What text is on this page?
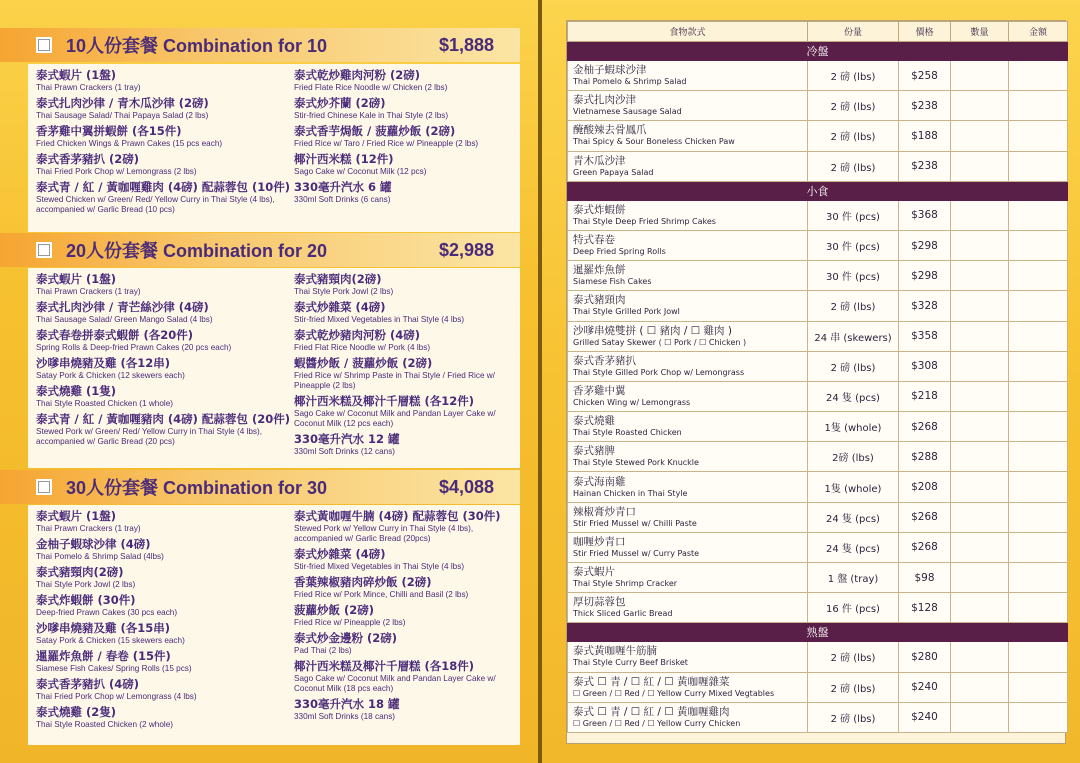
10人份套餐 Combination for 10	$1,888
泰式蝦片 (1盤)
Thai Prawn Crackers (1 tray)
泰式扎肉沙律 / 青木瓜沙律 (2磅)
Thai Sausage Salad/ Thai Papaya Salad (2 lbs)
香茅雞中翼拼蝦餅 (各15件)
Fried Chicken Wings & Prawn Cakes (15 pcs each)
泰式香茅豬扒 (2磅)
Thai Fried Pork Chop w/ Lemongrass (2 lbs)
泰式青 / 紅 / 黃咖喱雞肉 (4磅) 配蒜蓉包 (10件)
Stewed Chicken w/ Green/ Red/ Yellow Curry in Thai Style (4 lbs), accompanied w/ Garlic Bread (10 pcs)
泰式乾炒雞肉河粉 (2磅)
Fried Flate Rice Noodle w/ Chicken (2 lbs)
泰式炒芥蘭 (2磅)
Stir-fried Chinese Kale in Thai Style (2 lbs)
泰式香芋焗飯 / 菠蘿炒飯 (2磅)
Fried Rice w/ Taro / Fried Rice w/ Pineapple (2 lbs)
椰汁西米糕 (12件)
Sago Cake w/ Coconut Milk (12 pcs)
330毫升汽水 6 罐
330ml Soft Drinks (6 cans)
20人份套餐 Combination for 20	$2,988
泰式蝦片 (1盤)
Thai Prawn Crackers (1 tray)
泰式扎肉沙律 / 青芒絲沙律 (4磅)
Thai Sausage Salad/ Green Mango Salad (4 lbs)
泰式春卷拼泰式蝦餅 (各20件)
Spring Rolls & Deep-fried Prawn Cakes (20 pcs each)
沙嗲串燒豬及雞 (各12串)
Satay Pork & Chicken (12 skewers each)
泰式燒雞 (1隻)
Thai Style Roasted Chicken (1 whole)
泰式青 / 紅 / 黃咖喱豬肉 (4磅) 配蒜蓉包 (20件)
Stewed Pork w/ Green/ Red/ Yellow Curry in Thai Style (4 lbs), accompanied w/ Garlic Bread (20 pcs)
泰式豬頸肉(2磅)
Thai Style Pork Jowl (2 lbs)
泰式炒雜菜 (4磅)
Stir-fried Mixed Vegetables in Thai Style (4 lbs)
泰式乾炒豬肉河粉 (4磅)
Fried Flat Rice Noodle w/ Pork (4 lbs)
蝦醬炒飯 / 菠蘿炒飯 (2磅)
Fried Rice w/ Shrimp Paste in Thai Style / Fried Rice w/ Pineapple (2 lbs)
椰汁西米糕及椰汁千層糕 (各12件)
Sago Cake w/ Coconut Milk and Pandan Layer Cake w/ Coconut Milk (12 pcs each)
330毫升汽水 12 罐
330ml Soft Drinks (12 cans)
30人份套餐 Combination for 30	$4,088
泰式蝦片 (1盤)
Thai Prawn Crackers (1 tray)
金柚子蝦球沙律 (4磅)
Thai Pomelo & Shrimp Salad (4lbs)
泰式豬頸肉(2磅)
Thai Style Pork Jowl (2 lbs)
泰式炸蝦餅 (30件)
Deep-fried Prawn Cakes (30 pcs each)
沙嗲串燒豬及雞 (各15串)
Satay Pork & Chicken (15 skewers each)
暹羅炸魚餅 / 春卷 (15件)
Siamese Fish Cakes/ Spring Rolls (15 pcs)
泰式香茅豬扒 (4磅)
Thai Fried Pork Chop w/ Lemongrass (4 lbs)
泰式燒雞 (2隻)
Thai Style Roasted Chicken (2 whole)
泰式黃咖喱牛腩 (4磅) 配蒜蓉包 (30件)
Stewed Pork w/ Yellow Curry in Thai Style (4 lbs), accompanied w/ Garlic Bread (20pcs)
泰式炒雜菜 (4磅)
Stir-fried Mixed Vegetables in Thai Style (4 lbs)
香葉辣椒豬肉碎炒飯 (2磅)
Fried Rice w/ Pork Mince, Chilli and Basil (2 lbs)
菠蘿炒飯 (2磅)
Fried Rice w/ Pineapple (2 lbs)
泰式炒金邊粉 (2磅)
Pad Thai (2 lbs)
椰汁西米糕及椰汁千層糕 (各18件)
Sago Cake w/ Coconut Milk and Pandan Layer Cake w/ Coconut Milk (18 pcs each)
330毫升汽水 18 罐
330ml Soft Drinks (18 cans)
食物款式	份量	價格	數量	金額
冷盤				

金柚子蝦球沙津
Thai Pomelo & Shrimp Salad	2 磅 (lbs)	$258		

泰式扎肉沙津
Vietnamese Sausage Salad	2 磅 (lbs)	$238		

醃酸辣去骨鳳爪
Thai Spicy & Sour Boneless Chicken Paw	2 磅 (lbs)	$188		

青木瓜沙津
Green Papaya Salad	2 磅 (lbs)	$238		
小食				

泰式炸蝦餅
Thai Style Deep Fried Shrimp Cakes	30 件 (pcs)	$368		

特式春卷
Deep Fried Spring Rolls	30 件 (pcs)	$298		

暹羅炸魚餅
Siamese Fish Cakes	30 件 (pcs)	$298		

泰式豬頸肉
Thai Style Grilled Pork Jowl	2 磅 (lbs)	$328		

沙嗲串燒雙拼 ( ☐ 豬肉 / ☐ 雞肉 )
Grilled Satay Skewer ( ☐ Pork / ☐ Chicken )	24 串 (skewers)	$358		

泰式香茅豬扒
Thai Style Gilled Pork Chop w/ Lemongrass	2 磅 (lbs)	$308		

香茅雞中翼
Chicken Wing w/ Lemongrass	24 隻 (pcs)	$218		

泰式燒雞
Thai Style Roasted Chicken	1隻 (whole)	$268		

泰式豬脾
Thai Style Stewed Pork Knuckle	2磅 (lbs)	$288		

泰式海南雞
Hainan Chicken in Thai Style	1隻 (whole)	$208		

辣椒膏炒青口
Stir Fried Mussel w/ Chilli Paste	24 隻 (pcs)	$268		

咖喱炒青口
Stir Fried Mussel w/ Curry Paste	24 隻 (pcs)	$268		

泰式蝦片
Thai Style Shrimp Cracker	1 盤 (tray)	$98		

厚切蒜蓉包
Thick Sliced Garlic Bread	16 件 (pcs)	$128		
熟盤				

泰式黃咖喱牛筋腩
Thai Style Curry Beef Brisket	2 磅 (lbs)	$280		

泰式 ☐ 青 / ☐ 紅 / ☐ 黃咖喱雜菜
☐ Green / ☐ Red / ☐ Yellow Curry Mixed Vegtables	2 磅 (lbs)	$240		

泰式 ☐ 青 / ☐ 紅 / ☐ 黃咖喱雞肉
☐ Green / ☐ Red / ☐ Yellow Curry Chicken	2 磅 (lbs)	$240		
